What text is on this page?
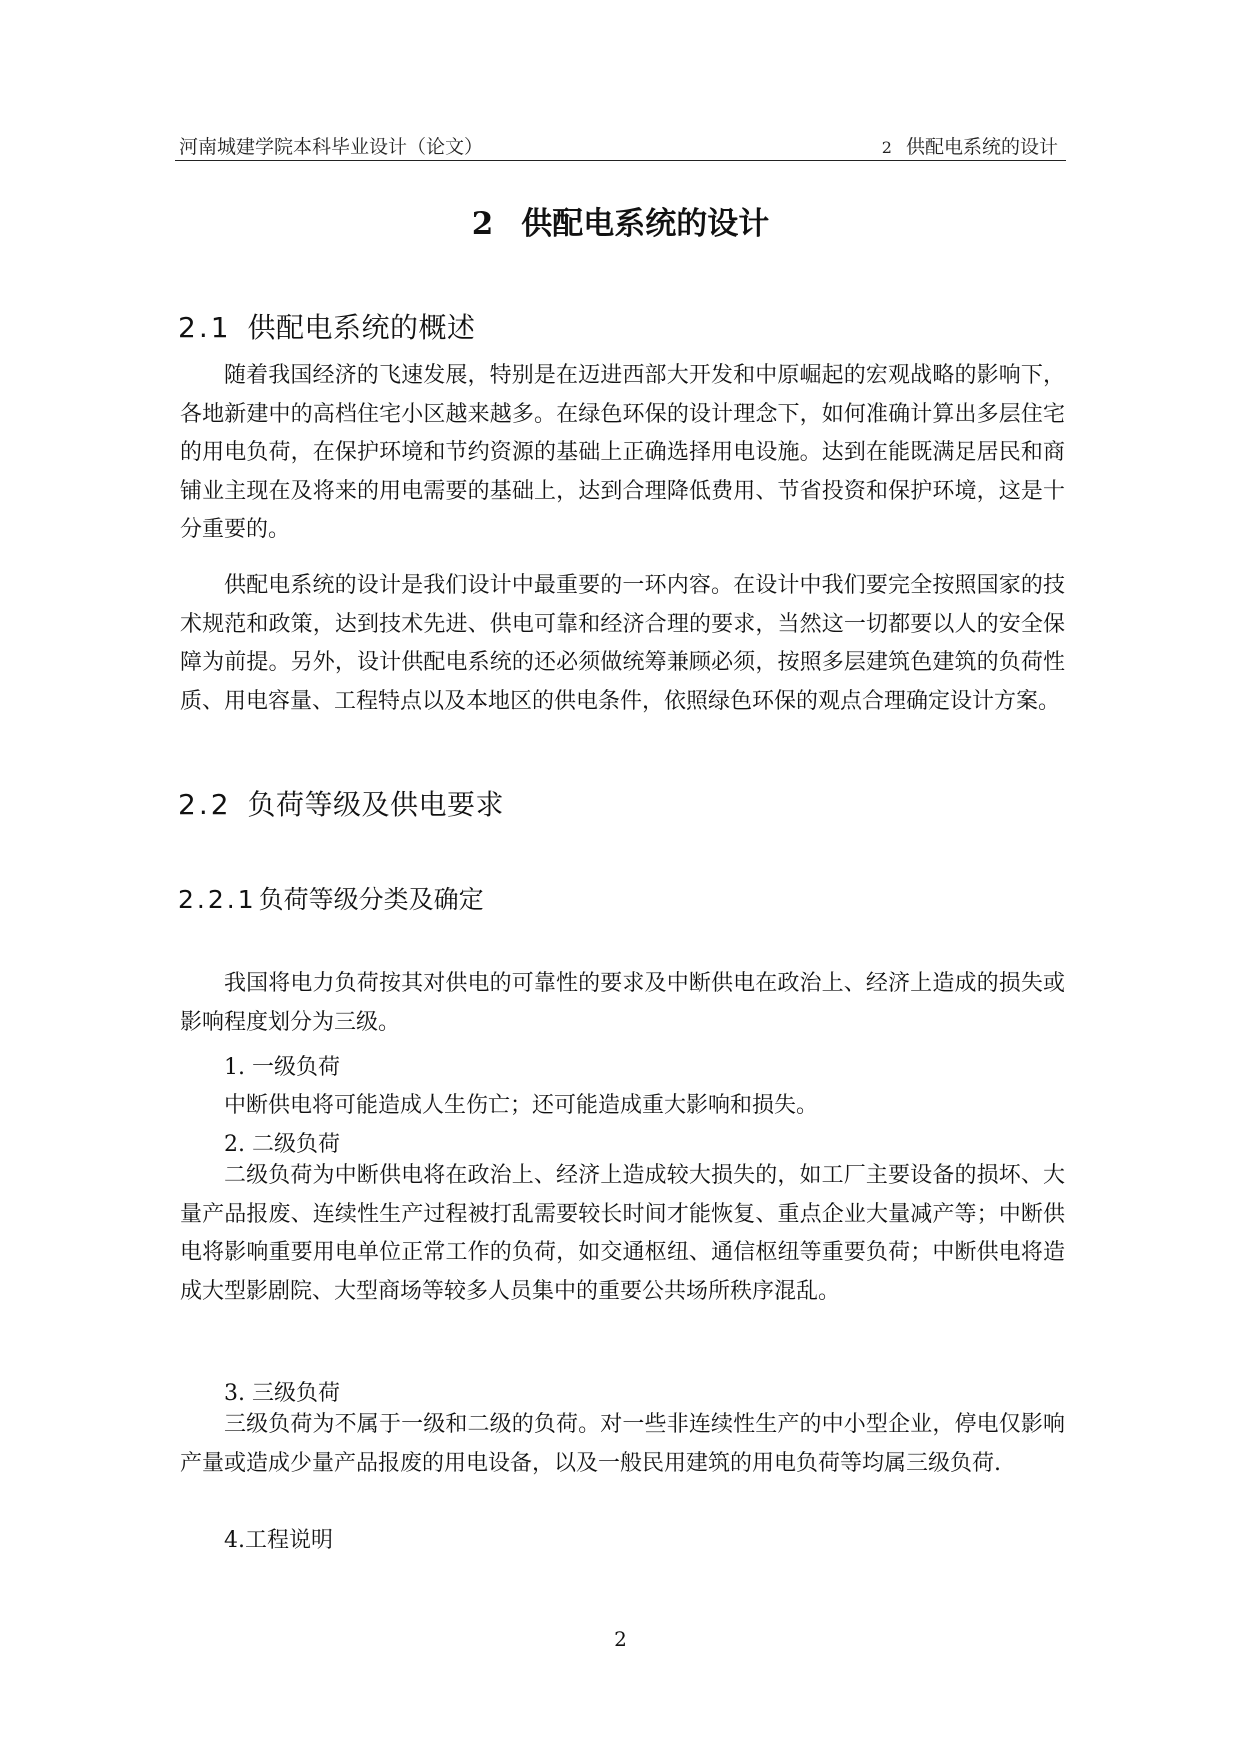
河南城建学院本科毕业设计（论文）	2 供配电系统的设计
2 供配电系统的设计
2.1 供配电系统的概述

随着我国经济的飞速发展，特别是在迈进西部大开发和中原崛起的宏观战略的影响下，各地新建中的高档住宅小区越来越多。在绿色环保的设计理念下，如何准确计算出多层住宅的用电负荷，在保护环境和节约资源的基础上正确选择用电设施。达到在能既满足居民和商铺业主现在及将来的用电需要的基础上，达到合理降低费用、节省投资和保护环境，这是十分重要的。

供配电系统的设计是我们设计中最重要的一环内容。在设计中我们要完全按照国家的技术规范和政策，达到技术先进、供电可靠和经济合理的要求，当然这一切都要以人的安全保障为前提。另外，设计供配电系统的还必须做统筹兼顾必须，按照多层建筑色建筑的负荷性质、用电容量、工程特点以及本地区的供电条件，依照绿色环保的观点合理确定设计方案。

2.2 负荷等级及供电要求
2.2.1负荷等级分类及确定

我国将电力负荷按其对供电的可靠性的要求及中断供电在政治上、经济上造成的损失或影响程度划分为三级。

1. 一级负荷
中断供电将可能造成人生伤亡；还可能造成重大影响和损失。
2. 二级负荷

二级负荷为中断供电将在政治上、经济上造成较大损失的，如工厂主要设备的损坏、大量产品报废、连续性生产过程被打乱需要较长时间才能恢复、重点企业大量减产等；中断供电将影响重要用电单位正常工作的负荷，如交通枢纽、通信枢纽等重要负荷；中断供电将造成大型影剧院、大型商场等较多人员集中的重要公共场所秩序混乱。

3. 三级负荷

三级负荷为不属于一级和二级的负荷。对一些非连续性生产的中小型企业，停电仅影响产量或造成少量产品报废的用电设备，以及一般民用建筑的用电负荷等均属三级负荷.

4.工程说明
2
